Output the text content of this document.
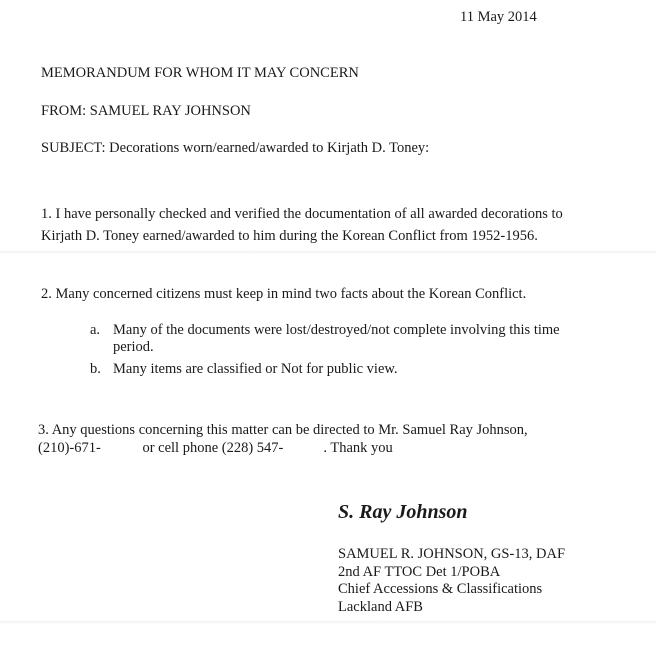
11 May 2014
MEMORANDUM FOR WHOM IT MAY CONCERN
FROM: SAMUEL RAY JOHNSON
SUBJECT: Decorations worn/earned/awarded to Kirjath D. Toney:
1. I have personally checked and verified the documentation of all awarded decorations to
Kirjath D. Toney earned/awarded to him during the Korean Conflict from 1952-1956.
2. Many concerned citizens must keep in mind two facts about the Korean Conflict.
a. Many of the documents were lost/destroyed/not complete involving this time
period.
b. Many items are classified or Not for public view.
3. Any questions concerning this matter can be directed to Mr. Samuel Ray Johnson,
(210)-671-	or cell phone (228) 547-	. Thank you
S. Ray Johnson
SAMUEL R. JOHNSON, GS-13, DAF
2nd AF TTOC Det 1/POBA
Chief Accessions & Classifications
Lackland AFB
